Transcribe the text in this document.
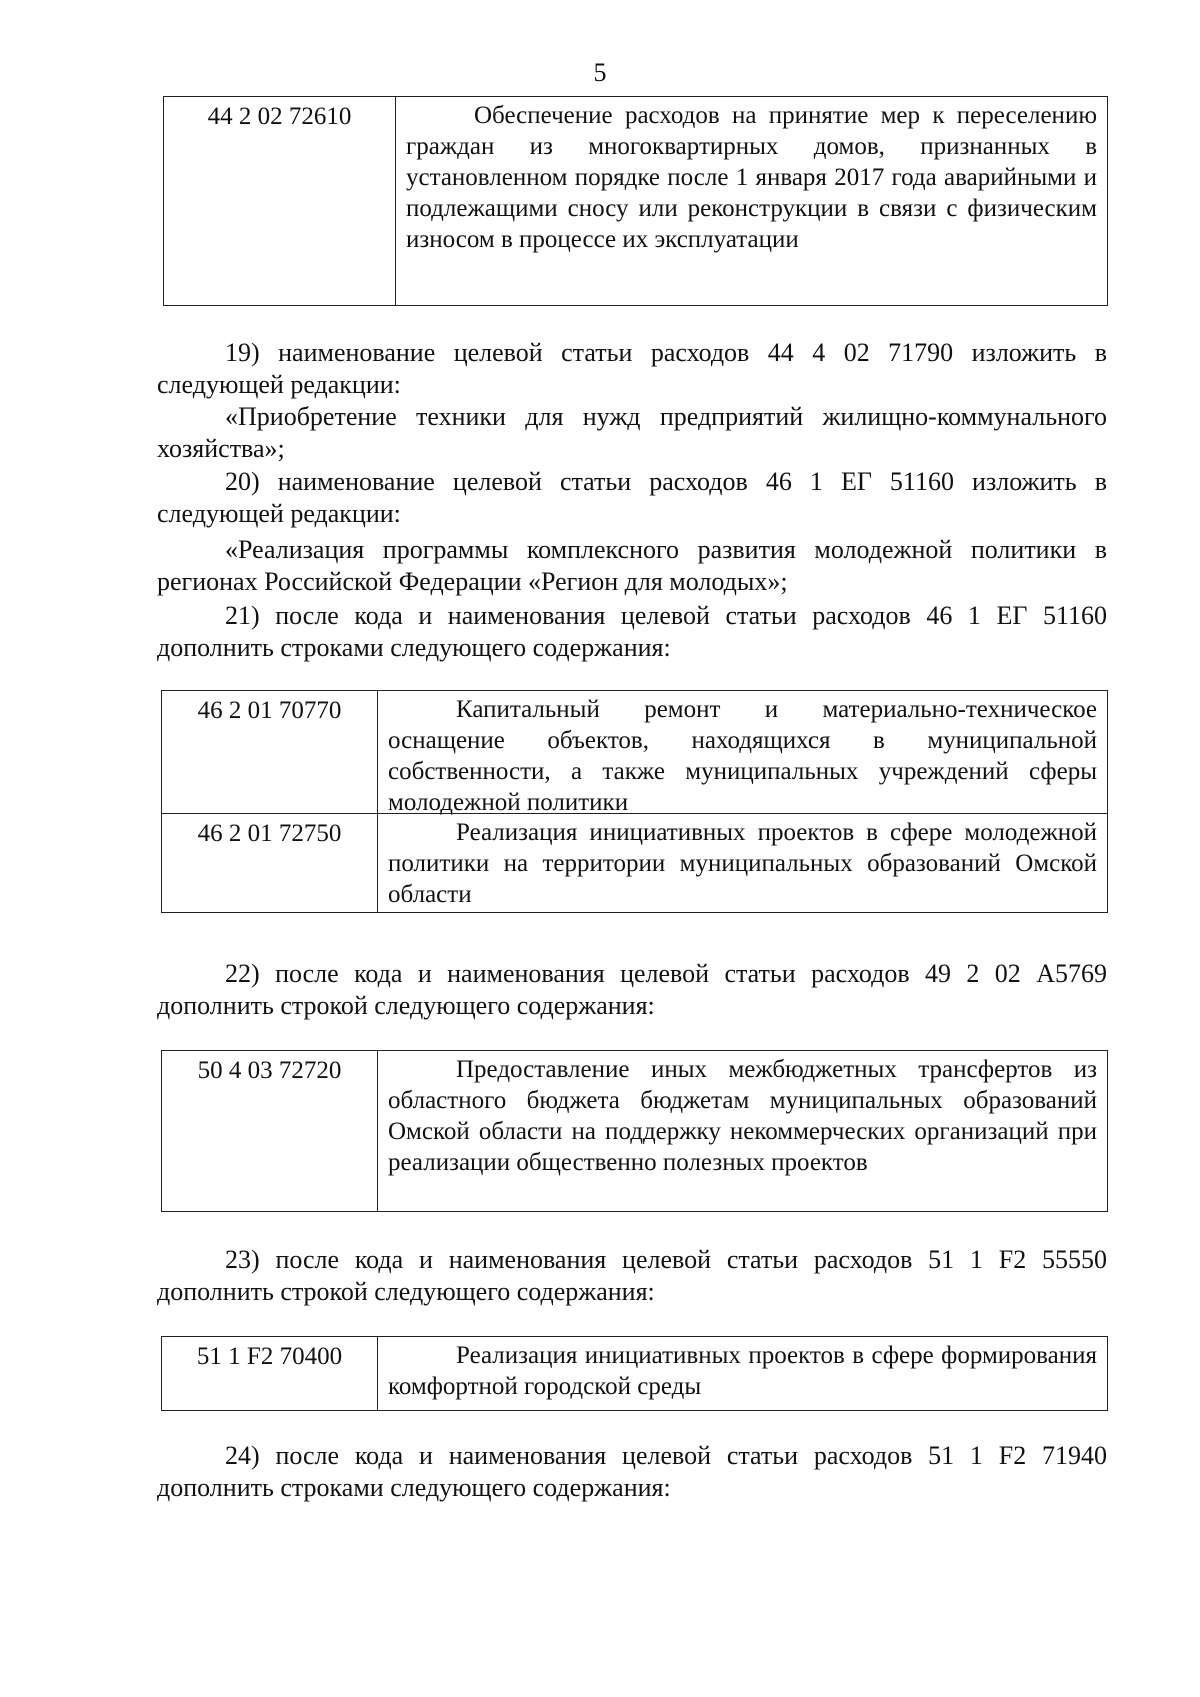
5
44 2 02 72610	Обеспечение расходов на принятие мер к переселению граждан из многоквартирных домов, признанных в установленном порядке после 1 января 2017 года аварийными и подлежащими сносу или реконструкции в связи с физическим износом в процессе их эксплуатации
19) наименование целевой статьи расходов 44 4 02 71790 изложить в следующей редакции:
«Приобретение техники для нужд предприятий жилищно-коммунального хозяйства»;
20) наименование целевой статьи расходов 46 1 ЕГ 51160 изложить в следующей редакции:
«Реализация программы комплексного развития молодежной политики в регионах Российской Федерации «Регион для молодых»;
21) после кода и наименования целевой статьи расходов 46 1 ЕГ 51160 дополнить строками следующего содержания:
46 2 01 70770	Капитальный ремонт и материально-техническое оснащение объектов, находящихся в муниципальной собственности, а также муниципальных учреждений сферы молодежной политики
46 2 01 72750	Реализация инициативных проектов в сфере молодежной политики на территории муниципальных образований Омской области
22) после кода и наименования целевой статьи расходов 49 2 02 А5769 дополнить строкой следующего содержания:
50 4 03 72720	Предоставление иных межбюджетных трансфертов из областного бюджета бюджетам муниципальных образований Омской области на поддержку некоммерческих организаций при реализации общественно полезных проектов
23) после кода и наименования целевой статьи расходов 51 1 F2 55550 дополнить строкой следующего содержания:
51 1 F2 70400	Реализация инициативных проектов в сфере формирования комфортной городской среды
24) после кода и наименования целевой статьи расходов 51 1 F2 71940 дополнить строками следующего содержания:
